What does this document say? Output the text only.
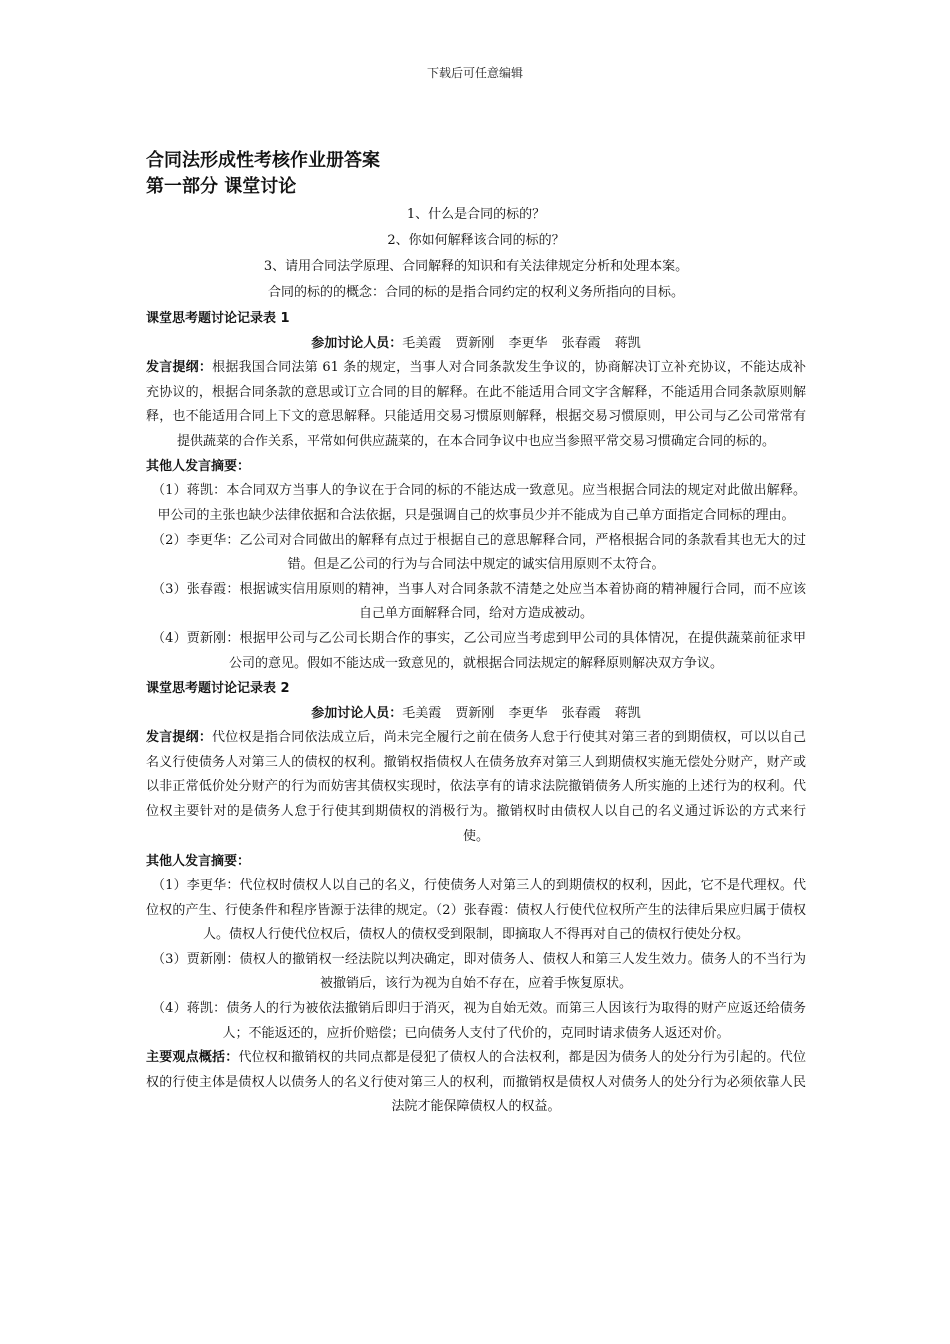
下载后可任意编辑

合同法形成性考核作业册答案

第一部分 课堂讨论

1、什么是合同的标的？

2、你如何解释该合同的标的？

3、请用合同法学原理、合同解释的知识和有关法律规定分析和处理本案。

合同的标的的概念：合同的标的是指合同约定的权利义务所指向的目标。

课堂思考题讨论记录表 1

参加讨论人员：毛美霞 贾新刚 李更华 张春霞 蒋凯

发言提纲：根据我国合同法第 61 条的规定，当事人对合同条款发生争议的，协商解决订立补充协议，不能达成补充协议的，根据合同条款的意思或订立合同的目的解释。在此不能适用合同文字含解释，不能适用合同条款原则解释，也不能适用合同上下文的意思解释。只能适用交易习惯原则解释，根据交易习惯原则，甲公司与乙公司常常有提供蔬菜的合作关系，平常如何供应蔬菜的，在本合同争议中也应当参照平常交易习惯确定合同的标的。

其他人发言摘要：

（1）蒋凯：本合同双方当事人的争议在于合同的标的不能达成一致意见。应当根据合同法的规定对此做出解释。甲公司的主张也缺少法律依据和合法依据，只是强调自己的炊事员少并不能成为自己单方面指定合同标的理由。

（2）李更华：乙公司对合同做出的解释有点过于根据自己的意思解释合同，严格根据合同的条款看其也无大的过错。但是乙公司的行为与合同法中规定的诚实信用原则不太符合。

（3）张春霞：根据诚实信用原则的精神，当事人对合同条款不清楚之处应当本着协商的精神履行合同，而不应该自己单方面解释合同，给对方造成被动。

（4）贾新刚：根据甲公司与乙公司长期合作的事实，乙公司应当考虑到甲公司的具体情况，在提供蔬菜前征求甲公司的意见。假如不能达成一致意见的，就根据合同法规定的解释原则解决双方争议。

课堂思考题讨论记录表 2

参加讨论人员：毛美霞 贾新刚 李更华 张春霞 蒋凯

发言提纲：代位权是指合同依法成立后，尚未完全履行之前在债务人怠于行使其对第三者的到期债权，可以以自己名义行使债务人对第三人的债权的权利。撤销权指债权人在债务放弃对第三人到期债权实施无偿处分财产，财产或以非正常低价处分财产的行为而妨害其债权实现时，依法享有的请求法院撤销债务人所实施的上述行为的权利。代位权主要针对的是债务人怠于行使其到期债权的消极行为。撤销权时由债权人以自己的名义通过诉讼的方式来行使。

其他人发言摘要：

（1）李更华：代位权时债权人以自己的名义，行使债务人对第三人的到期债权的权利，因此，它不是代理权。代位权的产生、行使条件和程序皆源于法律的规定。（2）张春霞：债权人行使代位权所产生的法律后果应归属于债权人。债权人行使代位权后，债权人的债权受到限制，即摘取人不得再对自己的债权行使处分权。

（3）贾新刚：债权人的撤销权一经法院以判决确定，即对债务人、债权人和第三人发生效力。债务人的不当行为被撤销后，该行为视为自始不存在，应着手恢复原状。

（4）蒋凯：债务人的行为被依法撤销后即归于消灭，视为自始无效。而第三人因该行为取得的财产应返还给债务人；不能返还的，应折价赔偿；已向债务人支付了代价的，克同时请求债务人返还对价。

主要观点概括：代位权和撤销权的共同点都是侵犯了债权人的合法权利，都是因为债务人的处分行为引起的。代位权的行使主体是债权人以债务人的名义行使对第三人的权利，而撤销权是债权人对债务人的处分行为必须依靠人民法院才能保障债权人的权益。
